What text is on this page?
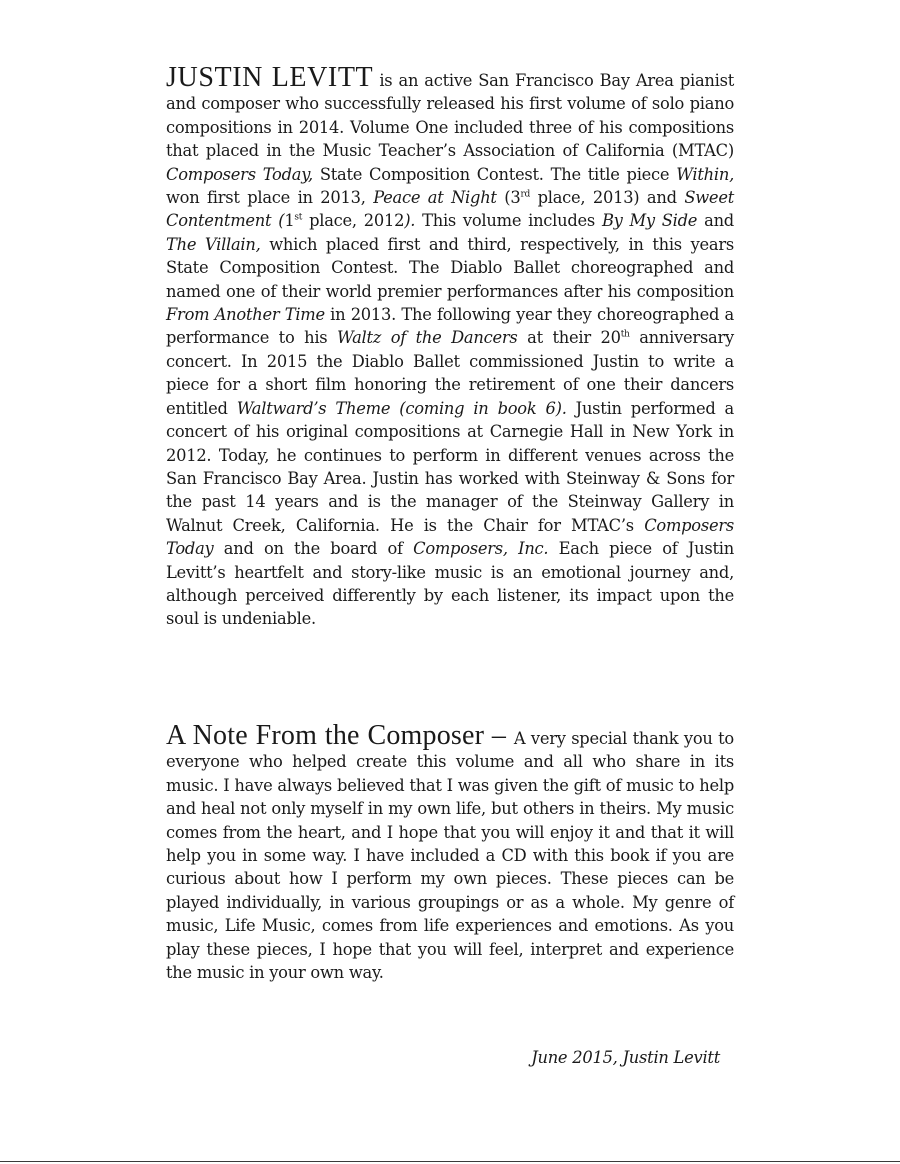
JUSTIN LEVITT is an active San Francisco Bay Area pianist and composer who successfully released his first volume of solo piano compositions in 2014. Volume One included three of his compositions that placed in the Music Teacher’s Association of California (MTAC) Composers Today, State Composition Contest. The title piece Within, won first place in 2013, Peace at Night (3rd place, 2013) and Sweet Contentment (1st place, 2012). This volume includes By My Side and The Villain, which placed first and third, respectively, in this years State Composition Contest. The Diablo Ballet choreographed and named one of their world premier performances after his composition From Another Time in 2013. The following year they choreographed a performance to his Waltz of the Dancers at their 20th anniversary concert. In 2015 the Diablo Ballet commissioned Justin to write a piece for a short film honoring the retirement of one their dancers entitled Waltward’s Theme (coming in book 6). Justin performed a concert of his original compositions at Carnegie Hall in New York in 2012. Today, he continues to perform in different venues across the San Francisco Bay Area. Justin has worked with Steinway & Sons for the past 14 years and is the manager of the Steinway Gallery in Walnut Creek, California. He is the Chair for MTAC’s Composers Today and on the board of Composers, Inc. Each piece of Justin Levitt’s heartfelt and story-like music is an emotional journey and, although perceived differently by each listener, its impact upon the soul is undeniable.

A Note From the Composer – A very special thank you to everyone who helped create this volume and all who share in its music. I have always believed that I was given the gift of music to help and heal not only myself in my own life, but others in theirs. My music comes from the heart, and I hope that you will enjoy it and that it will help you in some way. I have included a CD with this book if you are curious about how I perform my own pieces. These pieces can be played individually, in various groupings or as a whole. My genre of music, Life Music, comes from life experiences and emotions. As you play these pieces, I hope that you will feel, interpret and experience the music in your own way.

June 2015, Justin Levitt
